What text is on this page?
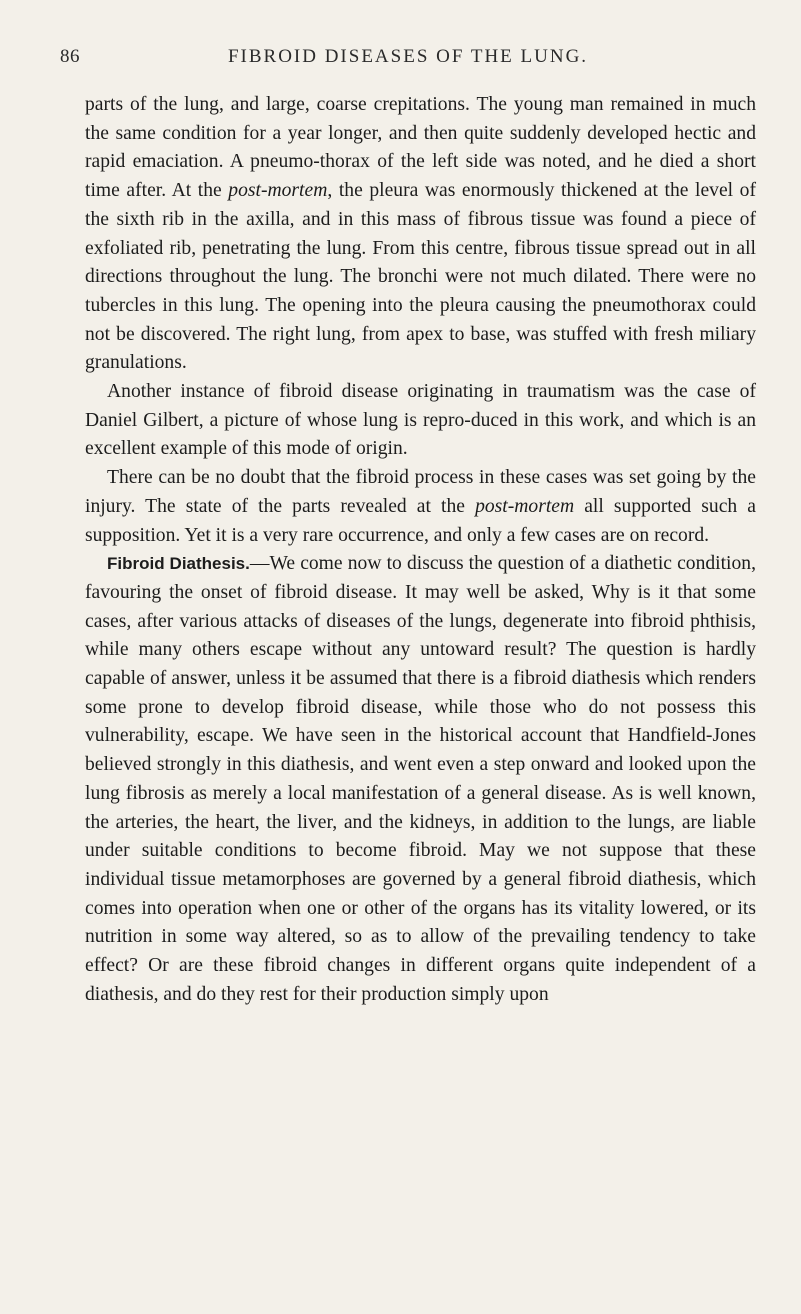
86	FIBROID DISEASES OF THE LUNG.

parts of the lung, and large, coarse crepitations. The young man remained in much the same condition for a year longer, and then quite suddenly developed hectic and rapid emaciation. A pneumo-thorax of the left side was noted, and he died a short time after. At the post-mortem, the pleura was enormously thickened at the level of the sixth rib in the axilla, and in this mass of fibrous tissue was found a piece of exfoliated rib, penetrating the lung. From this centre, fibrous tissue spread out in all directions throughout the lung. The bronchi were not much dilated. There were no tubercles in this lung. The opening into the pleura causing the pneumothorax could not be discovered. The right lung, from apex to base, was stuffed with fresh miliary granulations.

Another instance of fibroid disease originating in traumatism was the case of Daniel Gilbert, a picture of whose lung is repro-duced in this work, and which is an excellent example of this mode of origin.

There can be no doubt that the fibroid process in these cases was set going by the injury. The state of the parts revealed at the post-mortem all supported such a supposition. Yet it is a very rare occurrence, and only a few cases are on record.

Fibroid Diathesis.—We come now to discuss the question of a diathetic condition, favouring the onset of fibroid disease. It may well be asked, Why is it that some cases, after various attacks of diseases of the lungs, degenerate into fibroid phthisis, while many others escape without any untoward result? The question is hardly capable of answer, unless it be assumed that there is a fibroid diathesis which renders some prone to develop fibroid disease, while those who do not possess this vulnerability, escape. We have seen in the historical account that Handfield-Jones believed strongly in this diathesis, and went even a step onward and looked upon the lung fibrosis as merely a local manifestation of a general disease. As is well known, the arteries, the heart, the liver, and the kidneys, in addition to the lungs, are liable under suitable conditions to become fibroid. May we not suppose that these individual tissue metamorphoses are governed by a general fibroid diathesis, which comes into operation when one or other of the organs has its vitality lowered, or its nutrition in some way altered, so as to allow of the prevailing tendency to take effect? Or are these fibroid changes in different organs quite independent of a diathesis, and do they rest for their production simply upon
